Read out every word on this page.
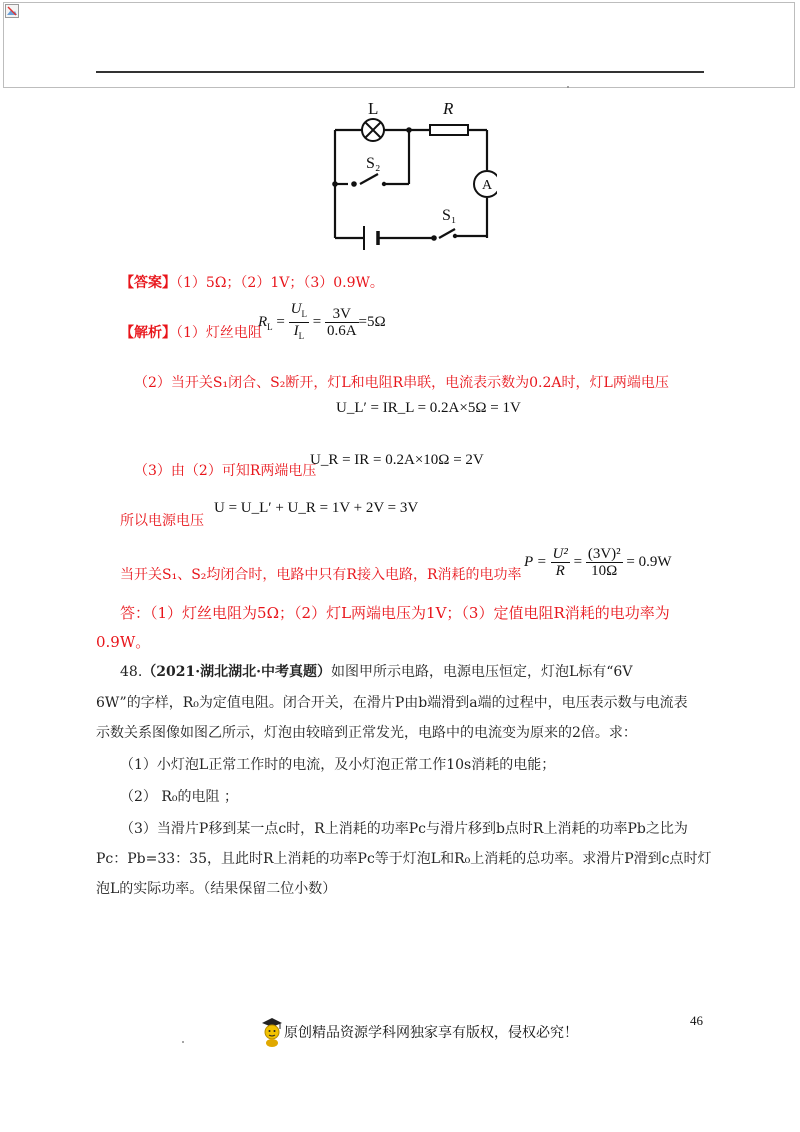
L	R
S₂
S₁
A
【答案】（1）5Ω；（2）1V；（3）0.9W。
【解析】（1）灯丝电阻
$R_L = \frac{U_L}{I_L} = \frac{3V}{0.6A} =5\Omega$
（2）当开关S₁闭合、S₂断开，灯L和电阻R串联，电流表示数为0.2A时，灯L两端电压
U_L′ = IR_L = 0.2A×5Ω = 1V
（3）由（2）可知R两端电压
U_R = IR = 0.2A×10Ω = 2V
所以电源电压
U = U_L′ + U_R = 1V + 2V = 3V
当开关S₁、S₂均闭合时，电路中只有R接入电路，R消耗的电功率
$P = \frac{\text{U²}}{R} = \frac{\text{(3V)²}}{10\Omega} = 0.9W$
答：（1）灯丝电阻为5Ω；（2）灯L两端电压为1V；（3）定值电阻R消耗的电功率为
0.9W。
48.（2021·湖北湖北·中考真题）如图甲所示电路，电源电压恒定，灯泡L标有“6V
6W”的字样，R₀为定值电阻。闭合开关，在滑片P由b端滑到a端的过程中，电压表示数与电流表
示数关系图像如图乙所示，灯泡由较暗到正常发光，电路中的电流变为原来的2倍。求：
（1）小灯泡L正常工作时的电流，及小灯泡正常工作10s消耗的电能；
（2） R₀的电阻 ；
（3）当滑片P移到某一点c时，R上消耗的功率Pc与滑片移到b点时R上消耗的功率Pb之比为
Pc：Pb=33：35，且此时R上消耗的功率Pc等于灯泡L和R₀上消耗的总功率。求滑片P滑到c点时灯
泡L的实际功率。（结果保留二位小数）
46
原创精品资源学科网独家享有版权，侵权必究！
